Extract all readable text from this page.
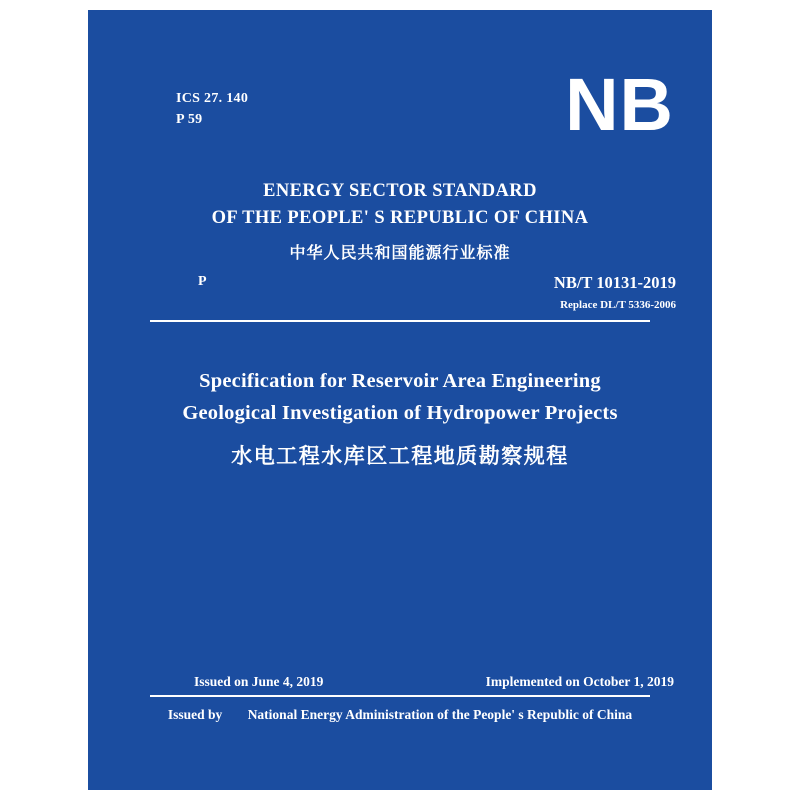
ICS 27. 140
P 59	NB
ENERGY SECTOR STANDARD
OF THE PEOPLE' S REPUBLIC OF CHINA
中华人民共和国能源行业标准
P	NB/T 10131-2019
Replace DL/T 5336-2006
Specification for Reservoir Area Engineering
Geological Investigation of Hydropower Projects
水电工程水库区工程地质勘察规程
Issued on June 4, 2019	Implemented on October 1, 2019
Issued by National Energy Administration of the People' s Republic of China
